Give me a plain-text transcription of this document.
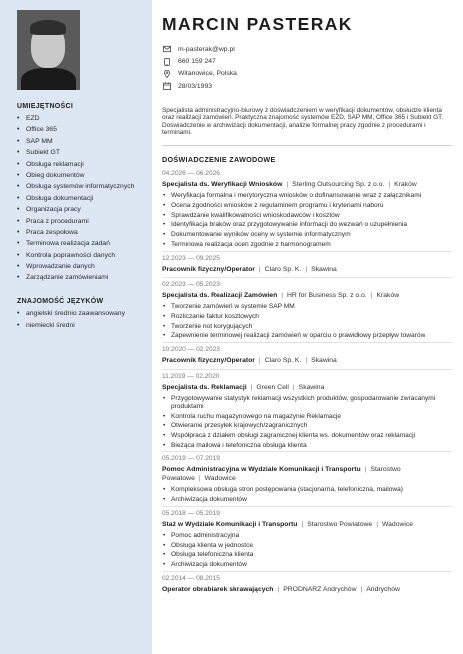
UMIEJĘTNOŚCI
• EZD
• Office 365
• SAP MM
• Subiekt GT
• Obsługa reklamacji
• Obieg dokumentów
• Obsługa systemów informatycznych
• Obsługa dokumentacji
• Organizacja pracy
• Praca z procedurami
• Praca zespołowa
• Terminowa realizacja zadań
• Kontrola poprawności danych
• Wprowadzanie danych
• Zarządzanie zamówieniami
ZNAJOMOŚĆ JĘZYKÓW
• angielski średnio zaawansowany
• niemiecki średni
MARCIN PASTERAK
m-pasterak@wp.pl
660 159 247
Witanowice, Polska
28/03/1993

Specjalista administracyjno-biurowy z doświadczeniem w weryfikacji dokumentów, obsłudze klienta oraz realizacji zamówień. Praktyczna znajomość systemów EZD, SAP MM, Office 365 i Subiekt GT. Doświadczenie w archiwizacji dokumentacji, analizie formalnej pracy zgodnie z procedurami i terminami.

DOŚWIADCZENIE ZAWODOWE
04.2026 — 06.2026
Specjalista ds. Weryfikacji Wniosków | Sterling Outsourcing Sp. z o.o. | Kraków
• Weryfikacja formalna i merytoryczna wniosków o dofinansowanie wraz z załącznikami
• Ocena zgodności wniosków z regulaminem programu i kryteriami naboru
• Sprawdzanie kwalifikowalności wnioskodawców i kosztów
• Identyfikacja braków oraz przygotowywanie informacji do wezwań o uzupełnienia
• Dokumentowanie wyników oceny w systemie informatycznym
• Terminowa realizacja ocen zgodnie z harmonogramem
12.2023 — 09.2025
Pracownik fizyczny/Operator | Claro Sp. K. | Skawina
02.2023 — 05.2023
Specjalista ds. Realizacji Zamówień | HR for Business Sp. z o.o. | Kraków
• Tworzenie zamówień w systemie SAP MM
• Rozliczanie faktur kosztowych
• Tworzenie not korygujących
• Zapewnienie terminowej realizacji zamówień w oparciu o prawidłowy przepływ towarów
10.2020 — 02.2023
Pracownik fizyczny/Operator | Claro Sp. K. | Skawina
11.2019 — 02.2020
Specjalista ds. Reklamacji | Green Cell | Skawina
• Przygotowywanie statystyk reklamacji wszystkich produktów, gospodarowanie zwracanymi produktami
• Kontrola ruchu magazynowego na magazynie Reklamacje
• Otwieranie przesyłek krajowych/zagranicznych
• Współpraca z działem obsługi zagranicznej klienta ws. dokumentów oraz reklamacji
• Bieżąca mailowa i telefoniczna obsługa klienta
05.2019 — 07.2019
Pomoc Administracyjna w Wydziale Komunikacji i Transportu | Starostwo Powiatowe | Wadowice
• Kompleksowa obsługa stron postępowania (stacjonarna, telefoniczna, mailowa)
• Archiwizacja dokumentów
05.2018 — 05.2019
Staż w Wydziale Komunikacji i Transportu | Starostwo Powiatowe | Wadowice
• Pomoc administracyjna
• Obsługa klienta w jednostce
• Obsługa telefoniczna klienta
• Archiwizacja dokumentów
02.2014 — 08.2015
Operator obrabiarek skrawających | PRODNARZ Andrychów | Andrychów
